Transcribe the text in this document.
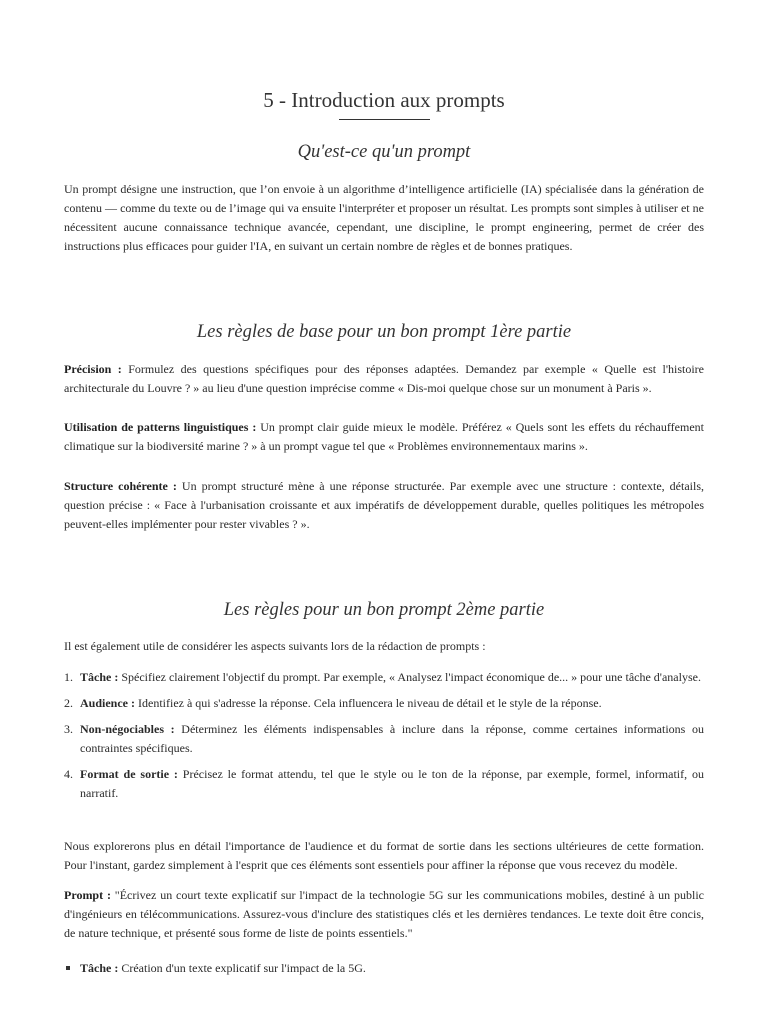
5 - Introduction aux prompts
Qu'est-ce qu'un prompt

Un prompt désigne une instruction, que l’on envoie à un algorithme d’intelligence artificielle (IA) spécialisée dans la génération de contenu — comme du texte ou de l’image qui va ensuite l'interpréter et proposer un résultat. Les prompts sont simples à utiliser et ne nécessitent aucune connaissance technique avancée, cependant, une discipline, le prompt engineering, permet de créer des instructions plus efficaces pour guider l'IA, en suivant un certain nombre de règles et de bonnes pratiques.

Les règles de base pour un bon prompt 1ère partie

Précision : Formulez des questions spécifiques pour des réponses adaptées. Demandez par exemple « Quelle est l'histoire architecturale du Louvre ? » au lieu d'une question imprécise comme « Dis-moi quelque chose sur un monument à Paris ».

Utilisation de patterns linguistiques : Un prompt clair guide mieux le modèle. Préférez « Quels sont les effets du réchauffement climatique sur la biodiversité marine ? » à un prompt vague tel que « Problèmes environnementaux marins ».

Structure cohérente : Un prompt structuré mène à une réponse structurée. Par exemple avec une structure : contexte, détails, question précise : « Face à l'urbanisation croissante et aux impératifs de développement durable, quelles politiques les métropoles peuvent-elles implémenter pour rester vivables ? ».

Les règles pour un bon prompt 2ème partie

Il est également utile de considérer les aspects suivants lors de la rédaction de prompts :

1. Tâche : Spécifiez clairement l'objectif du prompt. Par exemple, « Analysez l'impact économique de... » pour une tâche d'analyse.
2. Audience : Identifiez à qui s'adresse la réponse. Cela influencera le niveau de détail et le style de la réponse.
3. Non-négociables : Déterminez les éléments indispensables à inclure dans la réponse, comme certaines informations ou contraintes spécifiques.
4. Format de sortie : Précisez le format attendu, tel que le style ou le ton de la réponse, par exemple, formel, informatif, ou narratif.

Nous explorerons plus en détail l'importance de l'audience et du format de sortie dans les sections ultérieures de cette formation. Pour l'instant, gardez simplement à l'esprit que ces éléments sont essentiels pour affiner la réponse que vous recevez du modèle.

Prompt : "Écrivez un court texte explicatif sur l'impact de la technologie 5G sur les communications mobiles, destiné à un public d'ingénieurs en télécommunications. Assurez-vous d'inclure des statistiques clés et les dernières tendances. Le texte doit être concis, de nature technique, et présenté sous forme de liste de points essentiels."

Tâche : Création d'un texte explicatif sur l'impact de la 5G.
